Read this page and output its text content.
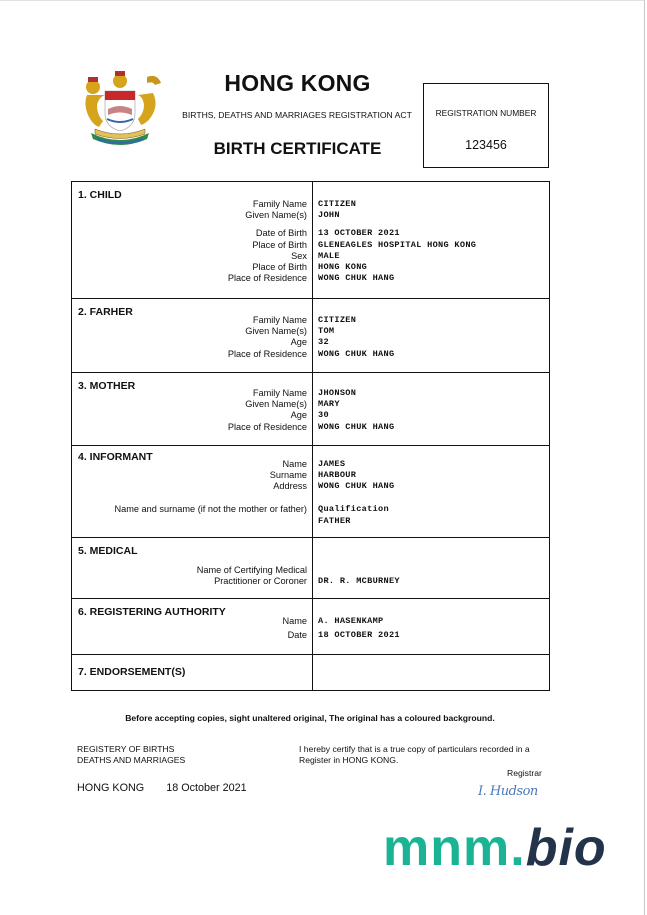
HONG KONG
BIRTHS, DEATHS AND MARRIAGES REGISTRATION ACT
BIRTH CERTIFICATE
REGISTRATION NUMBER
123456
1. CHILD
Family Name
Given Name(s)
Date of Birth
Place of Birth
Sex
Place of Birth
Place of Residence
CITIZEN
JOHN
13 OCTOBER 2021
GLENEAGLES HOSPITAL HONG KONG
MALE
HONG KONG
WONG CHUK HANG
2. FARHER
Family Name
Given Name(s)
Age
Place of Residence
CITIZEN
TOM
32
WONG CHUK HANG
3. MOTHER
Family Name
Given Name(s)
Age
Place of Residence
JHONSON
MARY
30
WONG CHUK HANG
4. INFORMANT
Name
Surname
Address
Name and surname (if not the mother or father)
JAMES
HARBOUR
WONG CHUK HANG
Qualification
FATHER
5. MEDICAL
Name of Certifying Medical
Practitioner or Coroner DR. R. MCBURNEY
6. REGISTERING AUTHORITY
Name
Date
A. HASENKAMP
18 OCTOBER 2021
7. ENDORSEMENT(S)
Before accepting copies, sight unaltered original, The original has a coloured background.
REGISTERY OF BIRTHS
DEATHS AND MARRIAGES
I hereby certify that is a true copy of particulars recorded in a
Register in HONG KONG.
Registrar
HONG KONG 18 October 2021	I. Hudson
mnm.bio
